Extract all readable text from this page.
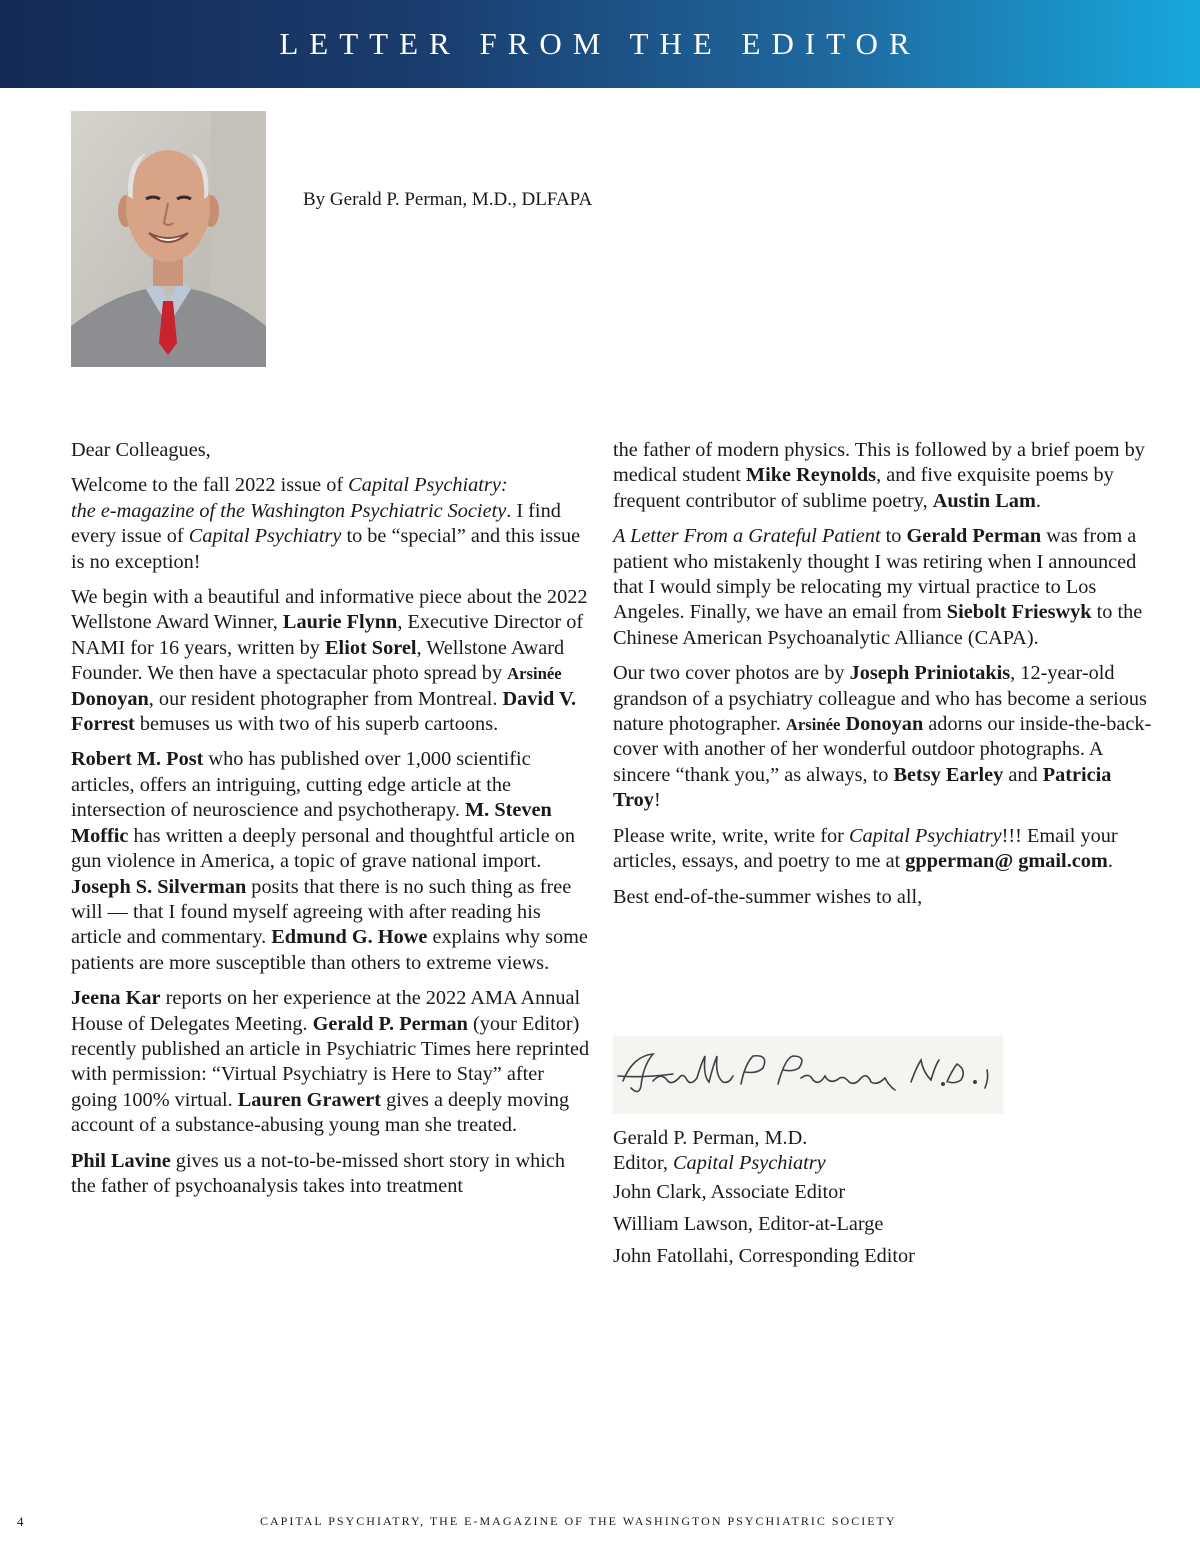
LETTER FROM THE EDITOR
By Gerald P. Perman, M.D., DLFAPA

Dear Colleagues,

Welcome to the fall 2022 issue of Capital Psychiatry:
the e-magazine of the Washington Psychiatric Society. I find every issue of Capital Psychiatry to be “special” and this issue is no exception!

We begin with a beautiful and informative piece about the 2022 Wellstone Award Winner, Laurie Flynn, Executive Director of NAMI for 16 years, written by Eliot Sorel, Wellstone Award Founder. We then have a spectacular photo spread by Arsinée Donoyan, our resident photographer from Montreal. David V. Forrest bemuses us with two of his superb cartoons.

Robert M. Post who has published over 1,000 scientific articles, offers an intriguing, cutting edge article at the intersection of neuroscience and psychotherapy. M. Steven Moffic has written a deeply personal and thoughtful article on gun violence in America, a topic of grave national import. Joseph S. Silverman posits that there is no such thing as free will — that I found myself agreeing with after reading his article and commentary. Edmund G. Howe explains why some patients are more susceptible than others to extreme views.

Jeena Kar reports on her experience at the 2022 AMA Annual House of Delegates Meeting. Gerald P. Perman (your Editor) recently published an article in Psychiatric Times here reprinted with permission: “Virtual Psychiatry is Here to Stay” after going 100% virtual. Lauren Grawert gives a deeply moving account of a substance-abusing young man she treated.

Phil Lavine gives us a not-to-be-missed short story in which the father of psychoanalysis takes into treatment

the father of modern physics. This is followed by a brief poem by medical student Mike Reynolds, and five exquisite poems by frequent contributor of sublime poetry, Austin Lam.

A Letter From a Grateful Patient to Gerald Perman was from a patient who mistakenly thought I was retiring when I announced that I would simply be relocating my virtual practice to Los Angeles. Finally, we have an email from Siebolt Frieswyk to the Chinese American Psychoanalytic Alliance (CAPA).

Our two cover photos are by Joseph Priniotakis, 12-year-old grandson of a psychiatry colleague and who has become a serious nature photographer. Arsinée Donoyan adorns our inside-the-back-cover with another of her wonderful outdoor photographs. A sincere “thank you,” as always, to Betsy Earley and Patricia Troy!

Please write, write, write for Capital Psychiatry!!! Email your articles, essays, and poetry to me at gpperman@ gmail.com.

Best end-of-the-summer wishes to all,

Gerald P. Perman, M.D.
Editor, Capital Psychiatry
John Clark, Associate Editor
William Lawson, Editor-at-Large
John Fatollahi, Corresponding Editor
4	CAPITAL PSYCHIATRY, THE E-MAGAZINE OF THE WASHINGTON PSYCHIATRIC SOCIETY
